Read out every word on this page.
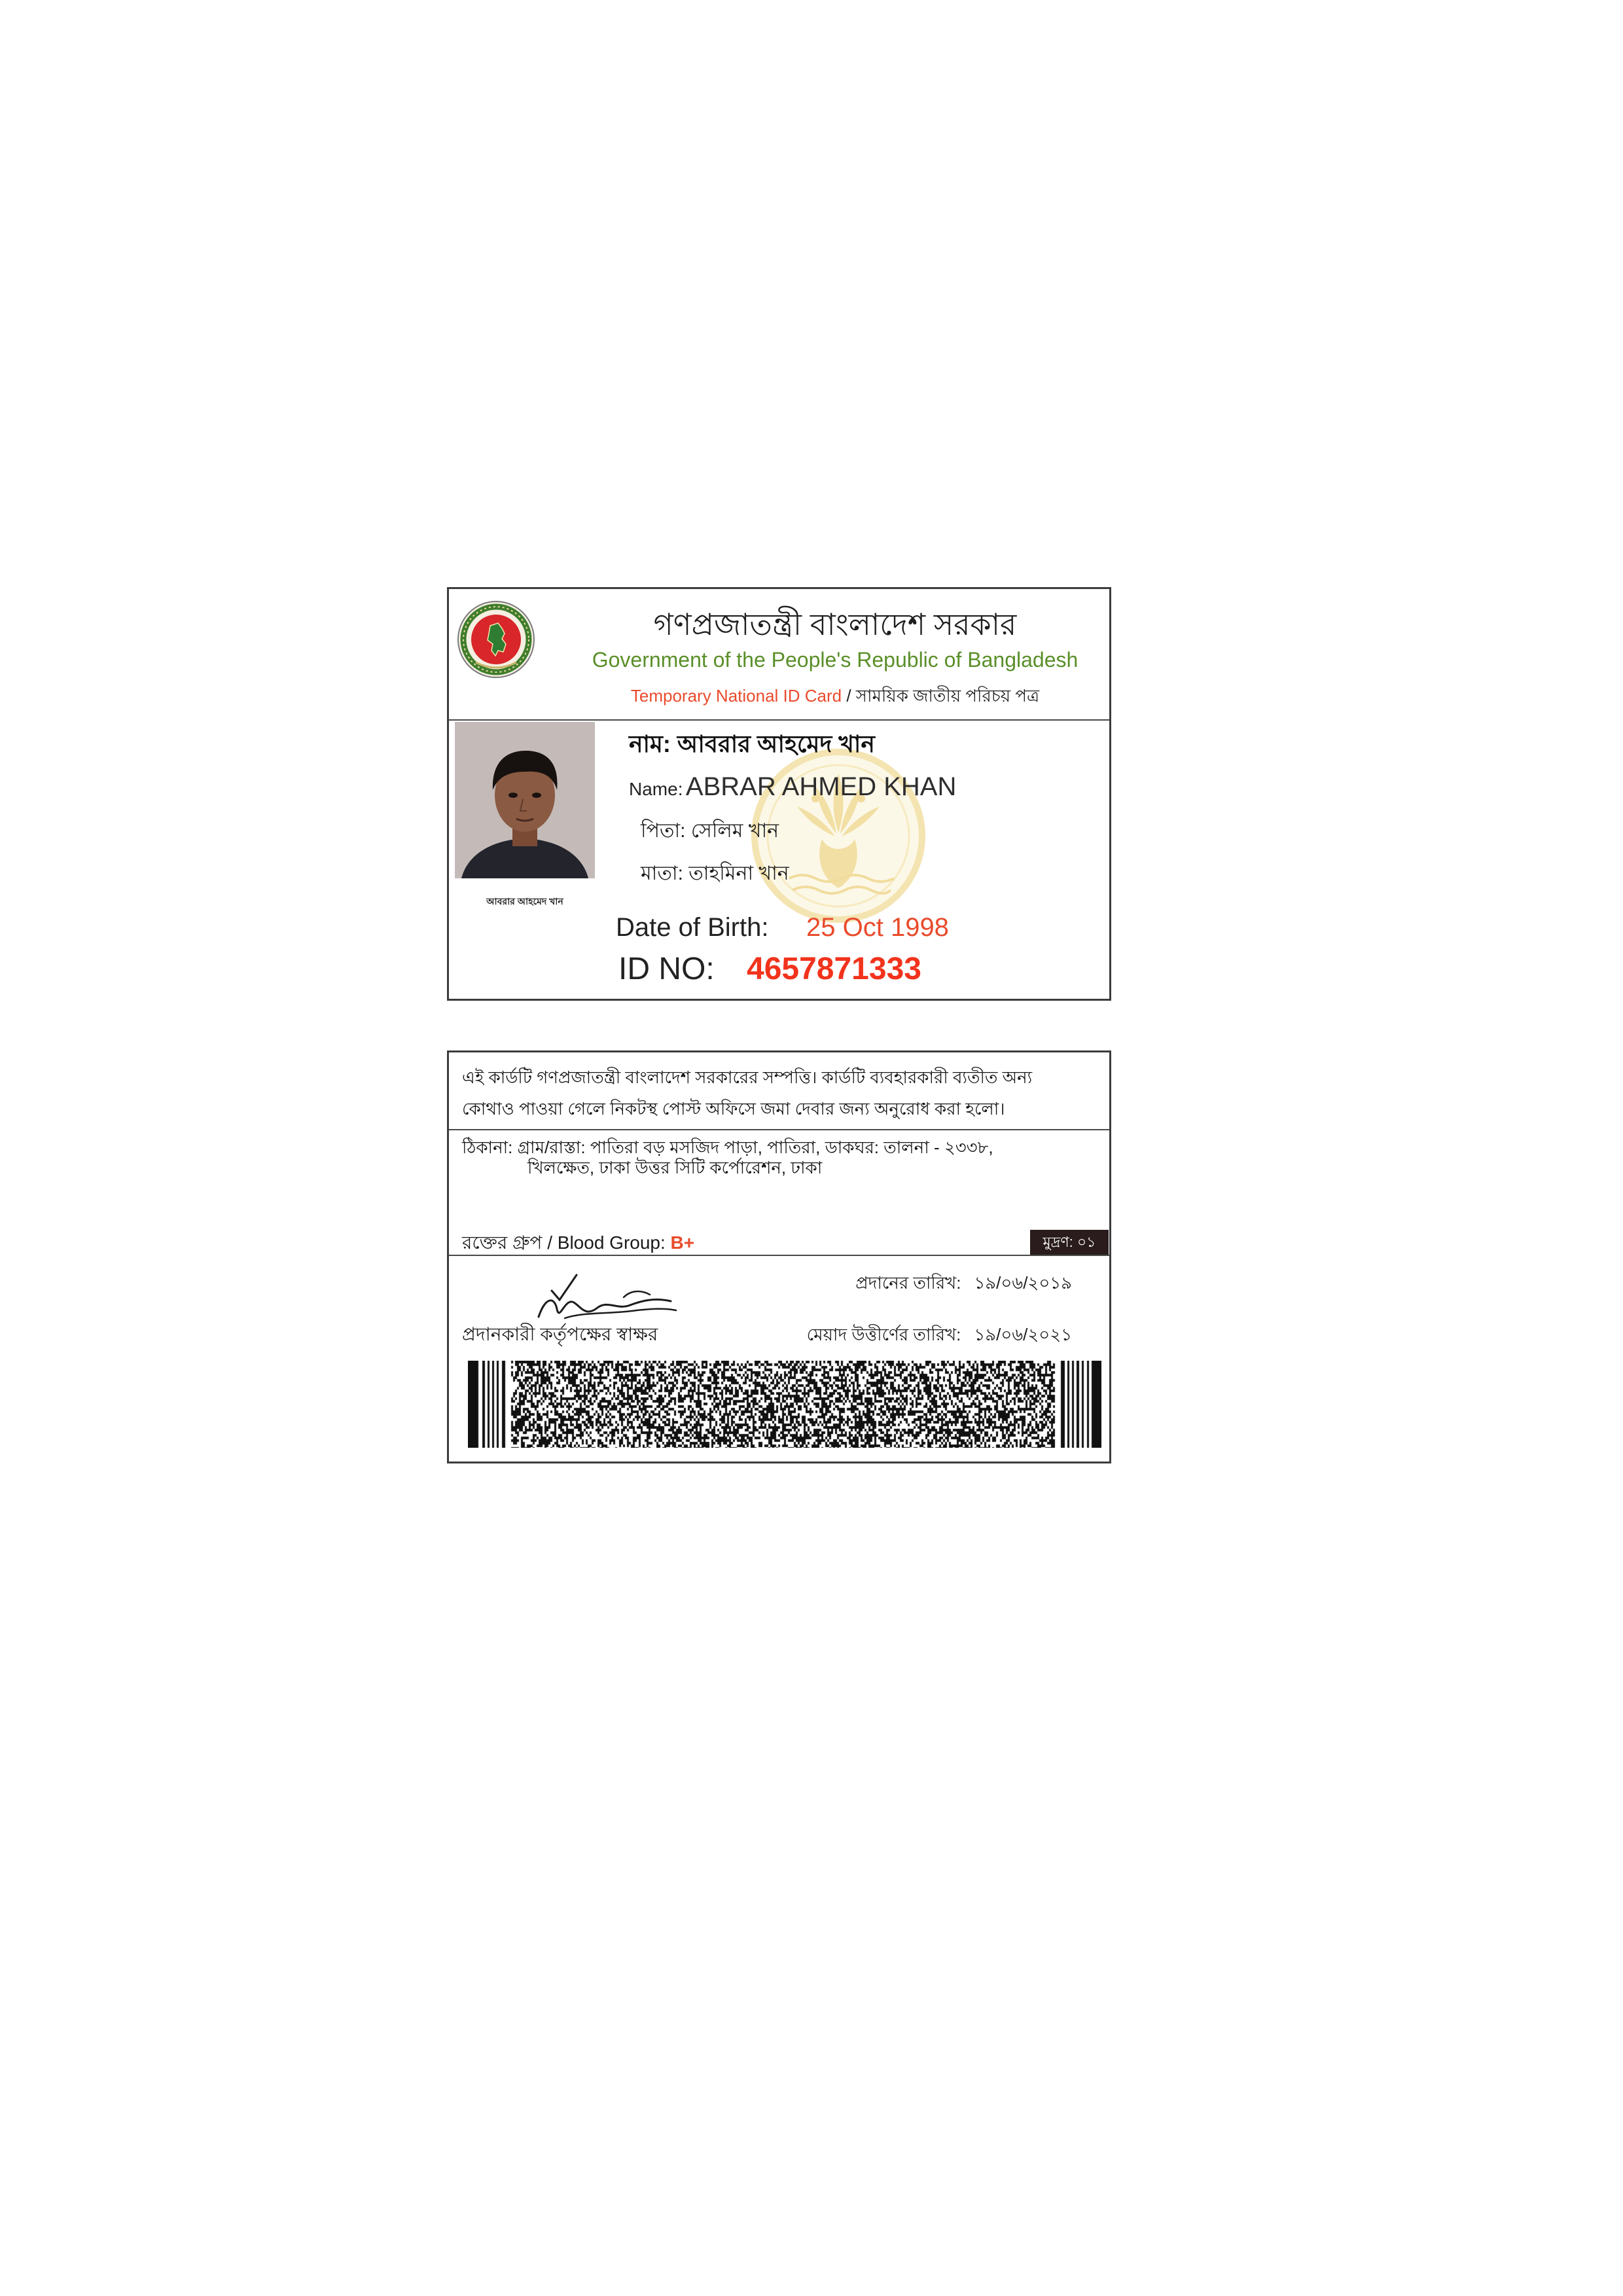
গণপ্রজাতন্ত্রী বাংলাদেশ সরকার
Government of the People's Republic of Bangladesh
Temporary National ID Card / সাময়িক জাতীয় পরিচয় পত্র
আবরার আহমেদ খান
নাম: আবরার আহমেদ খান
Name: ABRAR AHMED KHAN
পিতা: সেলিম খান
মাতা: তাহমিনা খান
Date of Birth: 25 Oct 1998
ID NO: 4657871333
এই কার্ডটি গণপ্রজাতন্ত্রী বাংলাদেশ সরকারের সম্পত্তি। কার্ডটি ব্যবহারকারী ব্যতীত অন্য
কোথাও পাওয়া গেলে নিকটস্থ পোস্ট অফিসে জমা দেবার জন্য অনুরোধ করা হলো।
ঠিকানা: গ্রাম/রাস্তা: পাতিরা বড় মসজিদ পাড়া, পাতিরা, ডাকঘর: তালনা - ২৩৩৮,
খিলক্ষেত, ঢাকা উত্তর সিটি কর্পোরেশন, ঢাকা
রক্তের গ্রুপ / Blood Group: B+	মুদ্রণ: ০১
প্রদানের তারিখ: ১৯/০৬/২০১৯
প্রদানকারী কর্তৃপক্ষের স্বাক্ষর	মেয়াদ উত্তীর্ণের তারিখ: ১৯/০৬/২০২১
